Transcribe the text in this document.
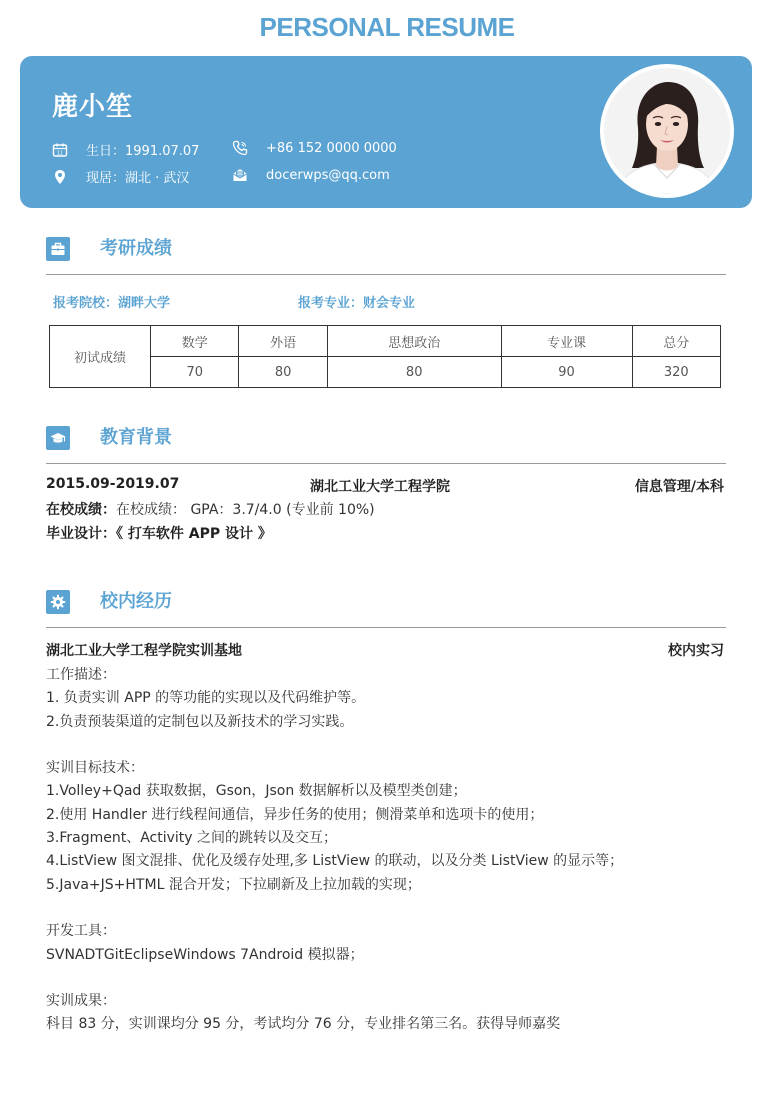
PERSONAL RESUME
鹿小笙
11 生日：1991.07.07	+86 152 0000 0000
现居：湖北 · 武汉	docerwps@qq.com
考研成绩
报考院校：湖畔大学	报考专业：财会专业
初试成绩	数学	外语	思想政治	专业课	总分
	70	80	80	90	320
教育背景
2015.09-2019.07	湖北工业大学工程学院	信息管理/本科
在校成绩：在校成绩： GPA：3.7/4.0 (专业前 10%)
毕业设计：《 打车软件 APP 设计 》
校内经历
湖北工业大学工程学院实训基地	校内实习
工作描述：
1. 负责实训 APP 的等功能的实现以及代码维护等。
2.负责预装渠道的定制包以及新技术的学习实践。
实训目标技术：
1.Volley+Qad 获取数据，Gson，Json 数据解析以及模型类创建；
2.使用 Handler 进行线程间通信，异步任务的使用；侧滑菜单和选项卡的使用；
3.Fragment、Activity 之间的跳转以及交互；
4.ListView 图文混排、优化及缓存处理,多 ListView 的联动，以及分类 ListView 的显示等；
5.Java+JS+HTML 混合开发；下拉刷新及上拉加载的实现；
开发工具：
SVNADTGitEclipseWindows 7Android 模拟器；
实训成果：
科目 83 分，实训课均分 95 分，考试均分 76 分，专业排名第三名。获得导师嘉奖
